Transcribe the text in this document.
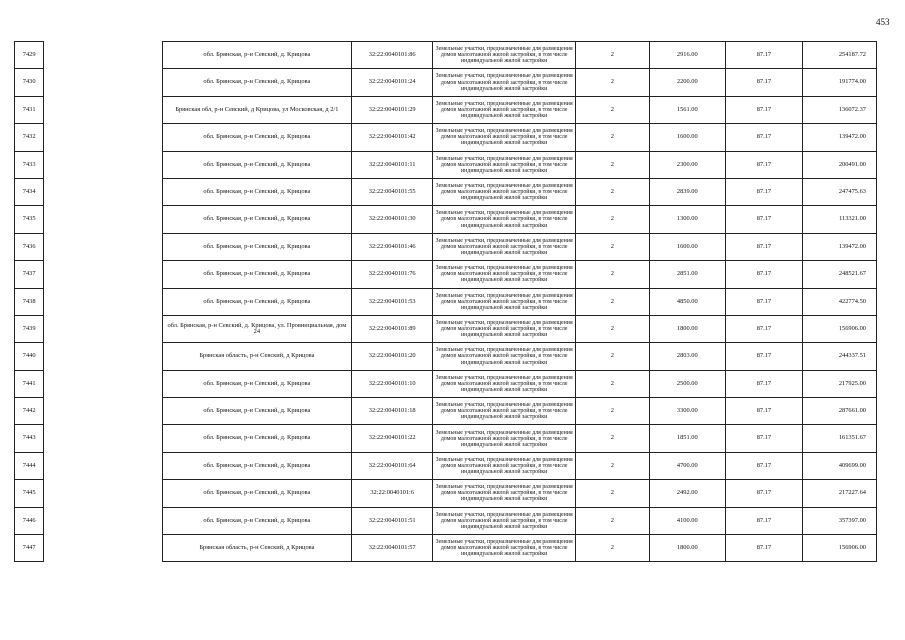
453
7429		обл. Брянская, р-н Севский, д. Крицова	32:22:0040101:86	Земельные участки, предназначенные для размещения домов малоэтажной жилой застройки, в том числе индивидуальной жилой застройки	2	2916.00	87.17	254187.72
7430		обл. Брянская, р-н Севский, д. Крицова	32:22:0040101:24	Земельные участки, предназначенные для размещения домов малоэтажной жилой застройки, в том числе индивидуальной жилой застройки	2	2200.00	87.17	191774.00
7431		Брянская обл, р-н Севский, д Крицова, ул Московская, д 2/1	32:22:0040101:29	Земельные участки, предназначенные для размещения домов малоэтажной жилой застройки, в том числе индивидуальной жилой застройки	2	1561.00	87.17	136072.37
7432		обл. Брянская, р-н Севский, д. Крицова	32:22:0040101:42	Земельные участки, предназначенные для размещения домов малоэтажной жилой застройки, в том числе индивидуальной жилой застройки	2	1600.00	87.17	139472.00
7433		обл. Брянская, р-н Севский, д. Крицова	32:22:0040101:11	Земельные участки, предназначенные для размещения домов малоэтажной жилой застройки, в том числе индивидуальной жилой застройки	2	2300.00	87.17	200491.00
7434		обл. Брянская, р-н Севский, д. Крицова	32:22:0040101:55	Земельные участки, предназначенные для размещения домов малоэтажной жилой застройки, в том числе индивидуальной жилой застройки	2	2839.00	87.17	247475.63
7435		обл. Брянская, р-н Севский, д. Крицова	32:22:0040101:30	Земельные участки, предназначенные для размещения домов малоэтажной жилой застройки, в том числе индивидуальной жилой застройки	2	1300.00	87.17	113321.00
7436		обл. Брянская, р-н Севский, д. Крицова	32:22:0040101:46	Земельные участки, предназначенные для размещения домов малоэтажной жилой застройки, в том числе индивидуальной жилой застройки	2	1600.00	87.17	139472.00
7437		обл. Брянская, р-н Севский, д. Крицова	32:22:0040101:76	Земельные участки, предназначенные для размещения домов малоэтажной жилой застройки, в том числе индивидуальной жилой застройки	2	2851.00	87.17	248521.67
7438		обл. Брянская, р-н Севский, д. Крицова	32:22:0040101:53	Земельные участки, предназначенные для размещения домов малоэтажной жилой застройки, в том числе индивидуальной жилой застройки	2	4850.00	87.17	422774.50
7439		обл. Брянская, р-н Севский, д. Крицова, ул. Провинциальная, дом 24	32:22:0040101:89	Земельные участки, предназначенные для размещения домов малоэтажной жилой застройки, в том числе индивидуальной жилой застройки	2	1800.00	87.17	156906.00
7440		Брянская область, р-н Севский, д Крицова	32:22:0040101:20	Земельные участки, предназначенные для размещения домов малоэтажной жилой застройки, в том числе индивидуальной жилой застройки	2	2803.00	87.17	244337.51
7441		обл. Брянская, р-н Севский, д. Крицова	32:22:0040101:10	Земельные участки, предназначенные для размещения домов малоэтажной жилой застройки, в том числе индивидуальной жилой застройки	2	2500.00	87.17	217925.00
7442		обл. Брянская, р-н Севский, д. Крицова	32:22:0040101:18	Земельные участки, предназначенные для размещения домов малоэтажной жилой застройки, в том числе индивидуальной жилой застройки	2	3300.00	87.17	287661.00
7443		обл. Брянская, р-н Севский, д. Крицова	32:22:0040101:22	Земельные участки, предназначенные для размещения домов малоэтажной жилой застройки, в том числе индивидуальной жилой застройки	2	1851.00	87.17	161351.67
7444		обл. Брянская, р-н Севский, д. Крицова	32:22:0040101:64	Земельные участки, предназначенные для размещения домов малоэтажной жилой застройки, в том числе индивидуальной жилой застройки	2	4700.00	87.17	409699.00
7445		обл. Брянская, р-н Севский, д. Крицова	32:22:0040101:6	Земельные участки, предназначенные для размещения домов малоэтажной жилой застройки, в том числе индивидуальной жилой застройки	2	2492.00	87.17	217227.64
7446		обл. Брянская, р-н Севский, д. Крицова	32:22:0040101:51	Земельные участки, предназначенные для размещения домов малоэтажной жилой застройки, в том числе индивидуальной жилой застройки	2	4100.00	87.17	357397.00
7447		Брянская область, р-н Севский, д Крицова	32:22:0040101:57	Земельные участки, предназначенные для размещения домов малоэтажной жилой застройки, в том числе индивидуальной жилой застройки	2	1800.00	87.17	156906.00
